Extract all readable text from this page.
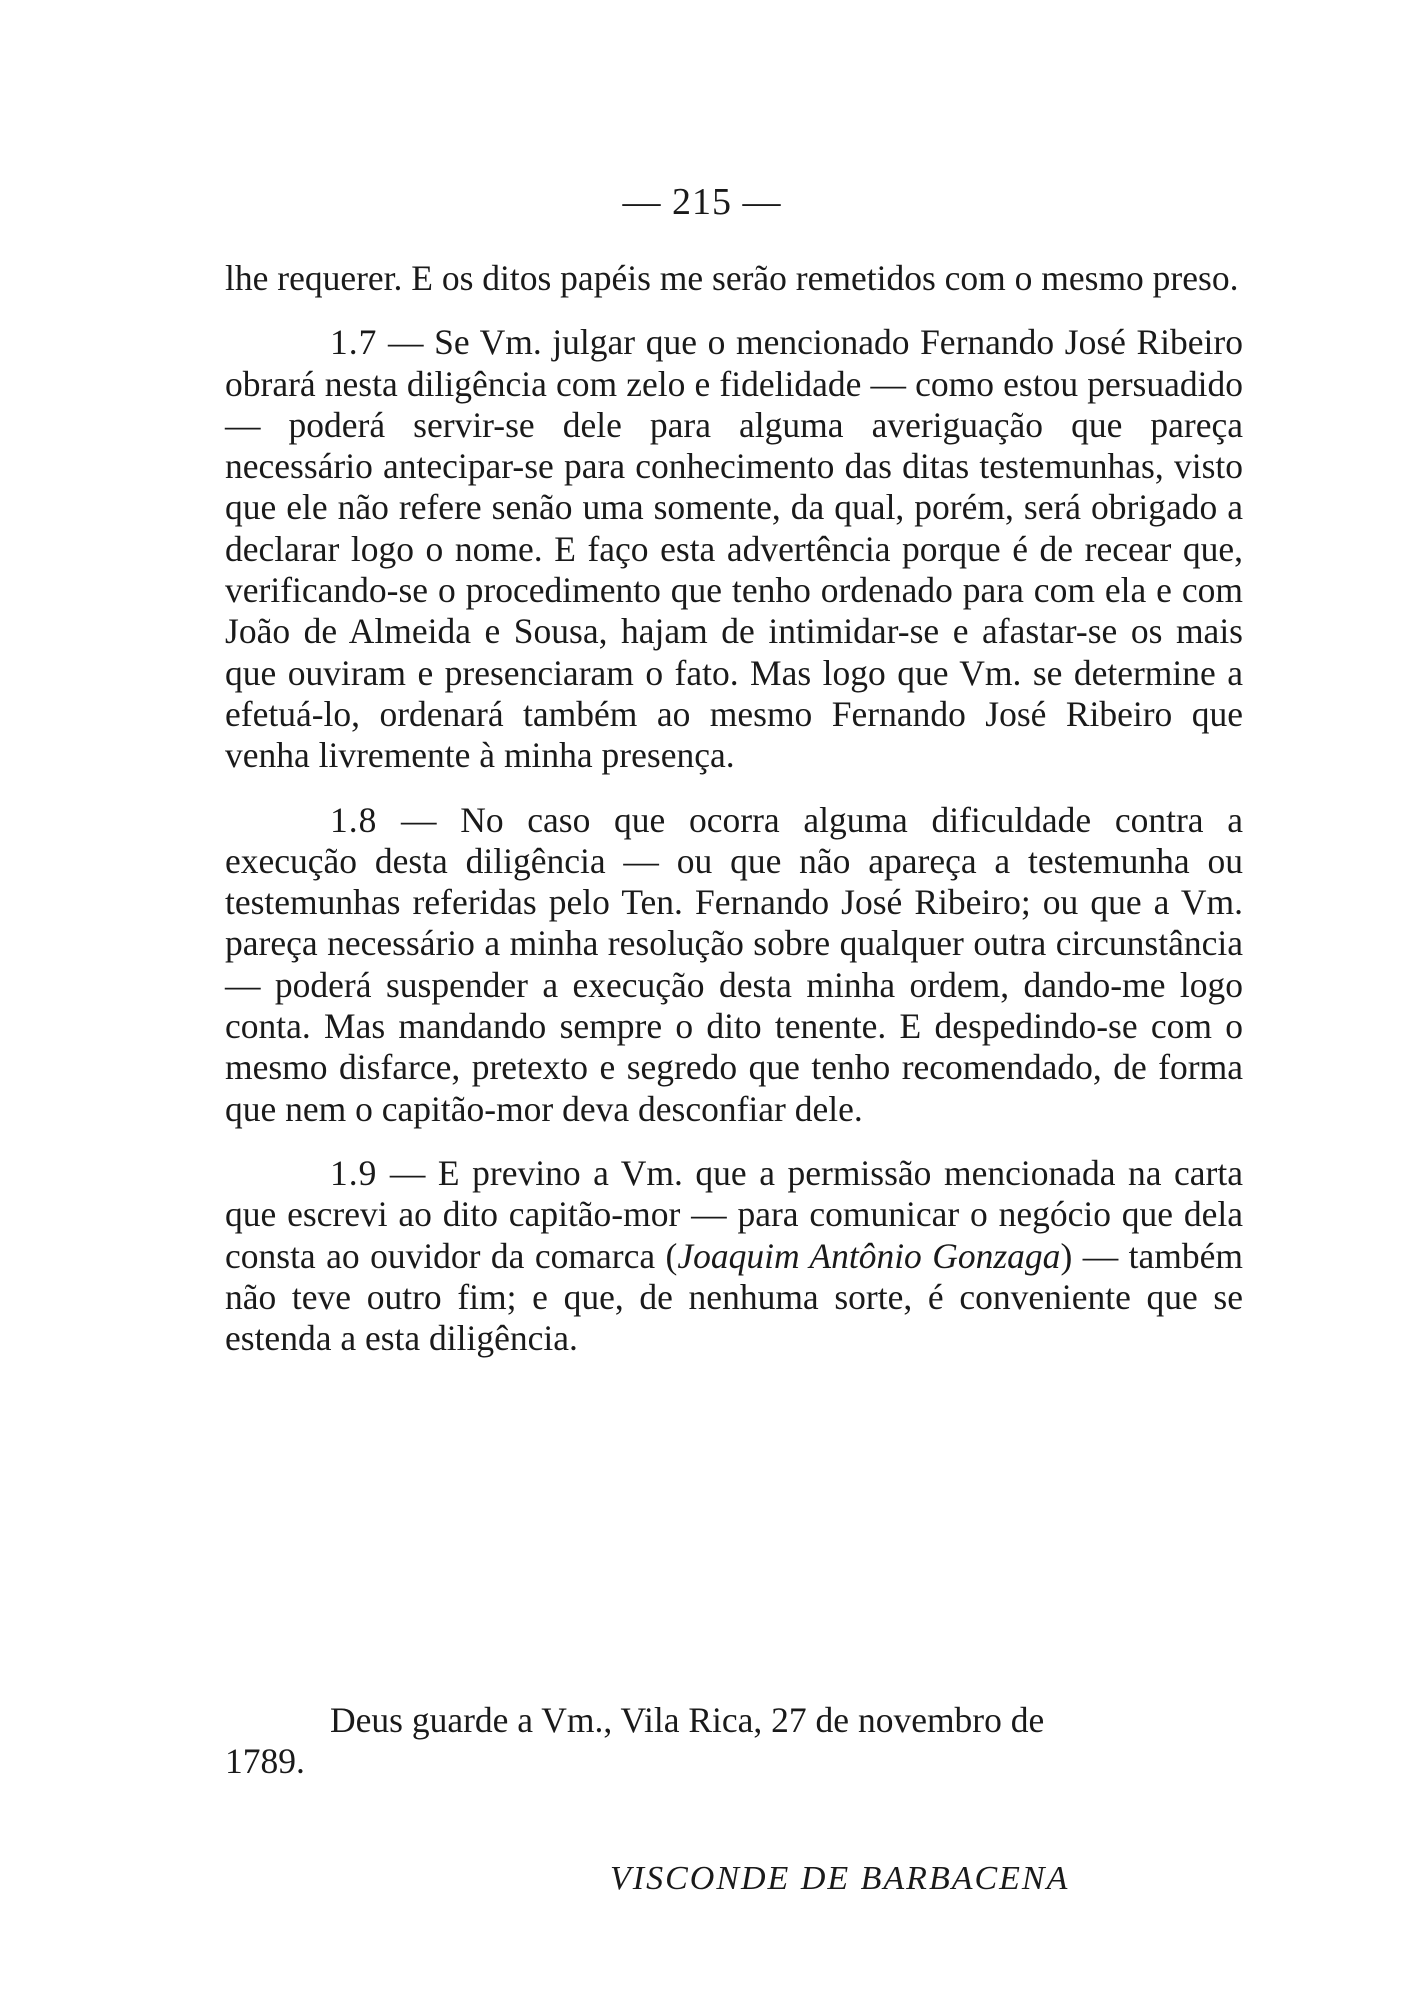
— 215 —

lhe requerer. E os ditos papéis me serão remetidos com o mesmo preso.

1.7 — Se Vm. julgar que o mencionado Fernando José Ribeiro obrará nesta diligência com zelo e fidelidade — como estou persuadido — poderá servir-se dele para alguma averiguação que pareça necessário antecipar-se para conhecimento das ditas testemunhas, visto que ele não refere senão uma somente, da qual, porém, será obrigado a declarar logo o nome. E faço esta advertência porque é de recear que, verificando-se o procedimento que tenho ordenado para com ela e com João de Almeida e Sousa, hajam de intimidar-se e afastar-se os mais que ouviram e presenciaram o fato. Mas logo que Vm. se determine a efetuá-lo, ordenará também ao mesmo Fernando José Ribeiro que venha livremente à minha presença.

1.8 — No caso que ocorra alguma dificuldade contra a execução desta diligência — ou que não apareça a testemunha ou testemunhas referidas pelo Ten. Fernando José Ribeiro; ou que a Vm. pareça necessário a minha resolução sobre qualquer outra circunstância — poderá suspender a execução desta minha ordem, dando-me logo conta. Mas mandando sempre o dito tenente. E despedindo-se com o mesmo disfarce, pretexto e segredo que tenho recomendado, de forma que nem o capitão-mor deva desconfiar dele.

1.9 — E previno a Vm. que a permissão mencionada na carta que escrevi ao dito capitão-mor — para comunicar o negócio que dela consta ao ouvidor da comarca (Joaquim Antônio Gonzaga) — também não teve outro fim; e que, de nenhuma sorte, é conveniente que se estenda a esta diligência.

Deus guarde a Vm., Vila Rica, 27 de novembro de
1789.
VISCONDE DE BARBACENA
